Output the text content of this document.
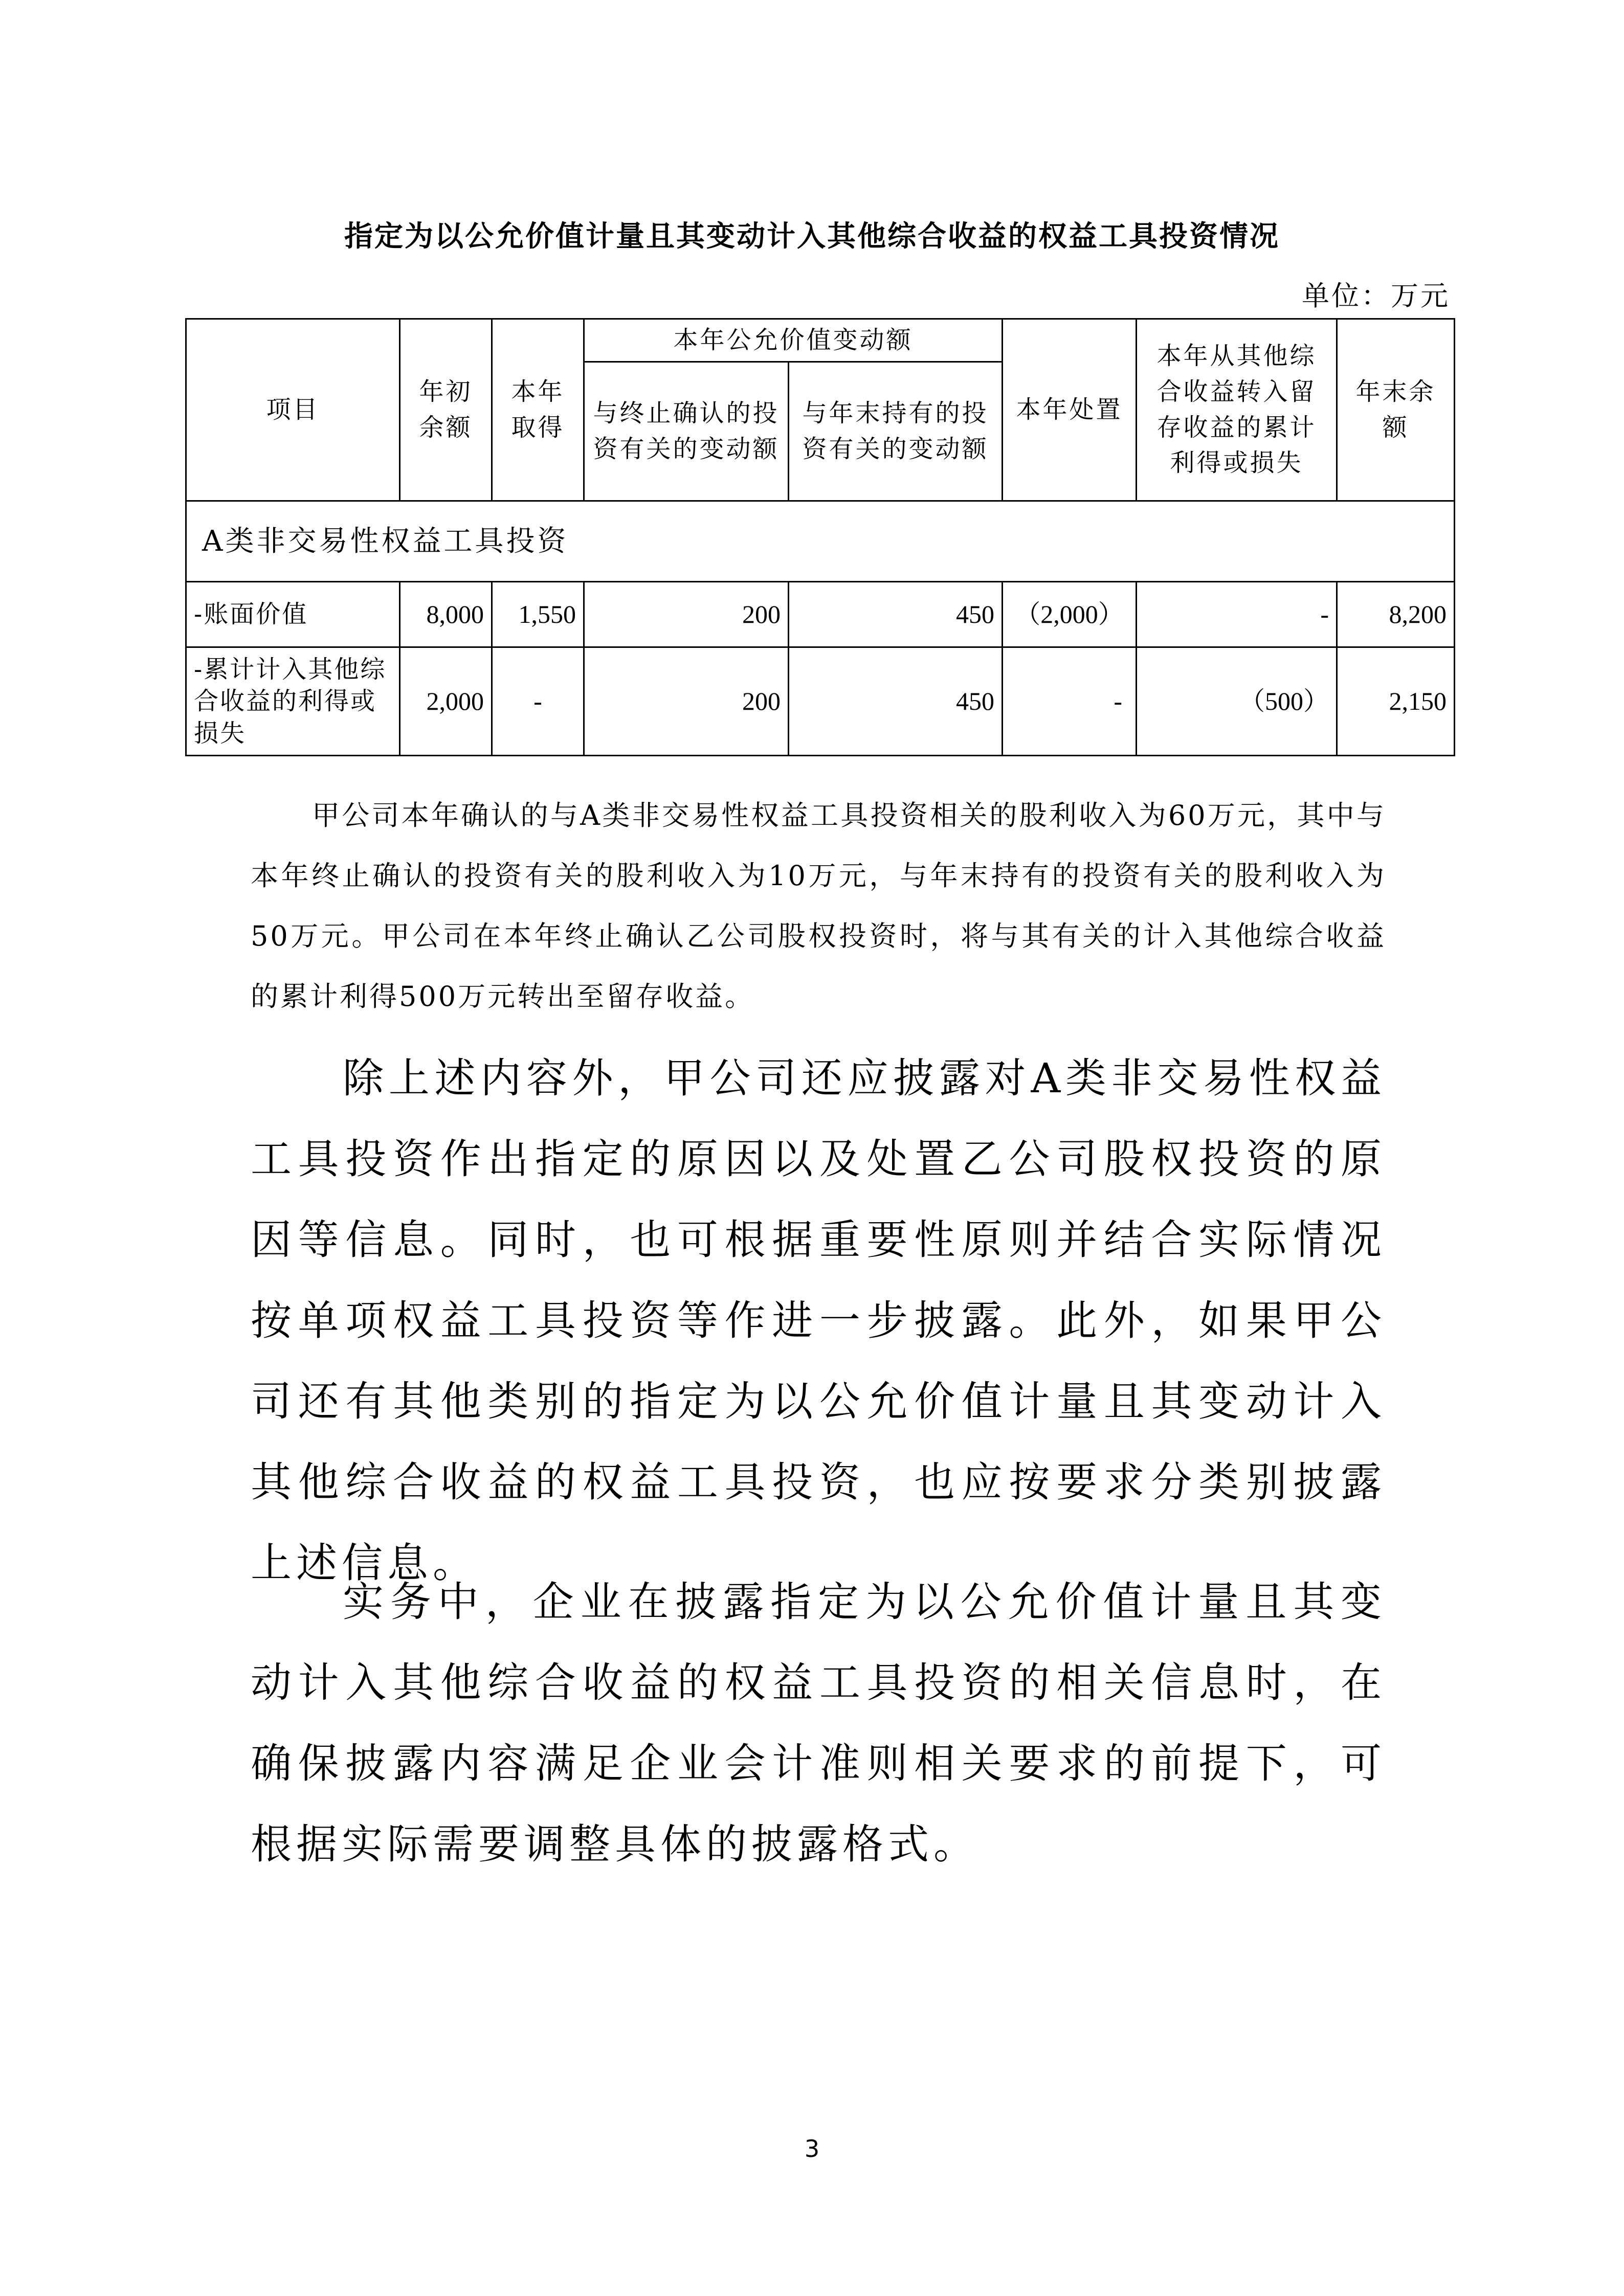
指定为以公允价值计量且其变动计入其他综合收益的权益工具投资情况
单位：万元
项目	年初余额	本年取得	本年公允价值变动额		本年处置	本年从其他综合收益转入留存收益的累计利得或损失	年末余额
			与终止确认的投资有关的变动额	与年末持有的投资有关的变动额			
A类非交易性权益工具投资							
-账面价值	8,000	1,550	200	450	（2,000）	-	8,200
-累计计入其他综合收益的利得或损失	2,000	-	200	450	-	（500）	2,150

甲公司本年确认的与A类非交易性权益工具投资相关的股利收入为60万元，其中与本年终止确认的投资有关的股利收入为10万元，与年末持有的投资有关的股利收入为50万元。甲公司在本年终止确认乙公司股权投资时，将与其有关的计入其他综合收益的累计利得500万元转出至留存收益。

除上述内容外，甲公司还应披露对A类非交易性权益工具投资作出指定的原因以及处置乙公司股权投资的原因等信息。同时，也可根据重要性原则并结合实际情况按单项权益工具投资等作进一步披露。此外，如果甲公司还有其他类别的指定为以公允价值计量且其变动计入其他综合收益的权益工具投资，也应按要求分类别披露上述信息。

实务中，企业在披露指定为以公允价值计量且其变动计入其他综合收益的权益工具投资的相关信息时，在确保披露内容满足企业会计准则相关要求的前提下，可根据实际需要调整具体的披露格式。

3
